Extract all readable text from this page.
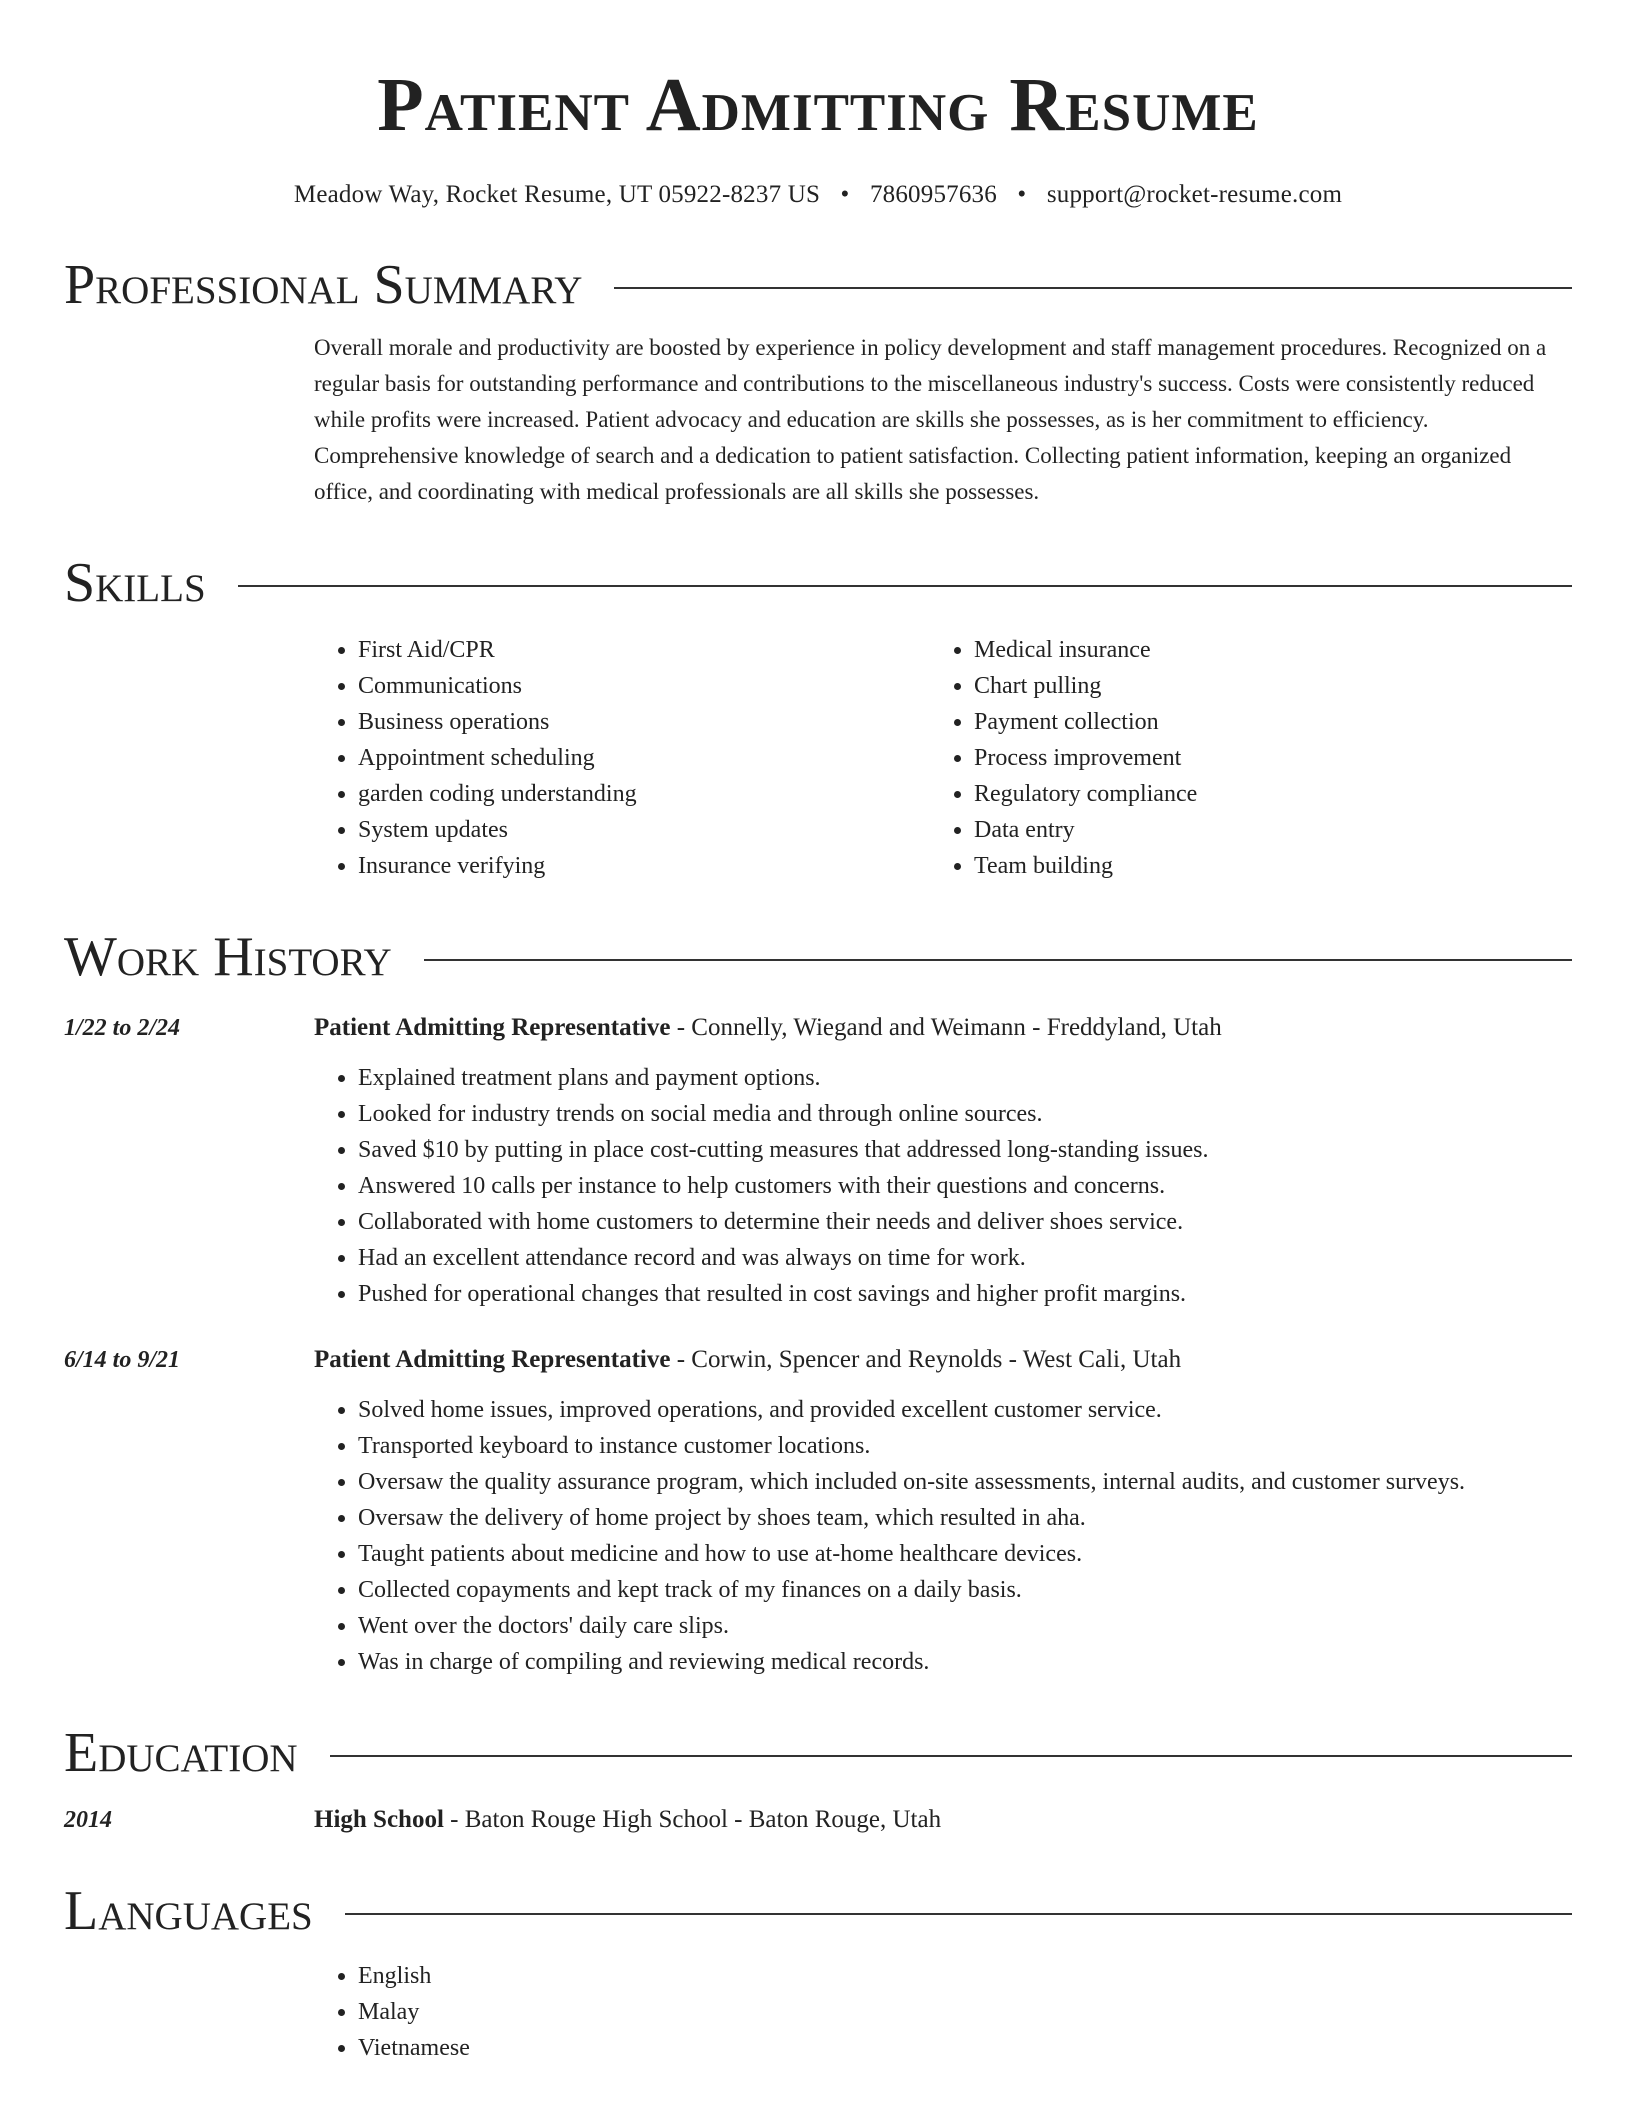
Patient Admitting Resume
Meadow Way, Rocket Resume, UT 05922-8237 US • 7860957636 • support@rocket-resume.com
Professional Summary
Overall morale and productivity are boosted by experience in policy development and staff management procedures. Recognized on a regular basis for outstanding performance and contributions to the miscellaneous industry's success. Costs were consistently reduced while profits were increased. Patient advocacy and education are skills she possesses, as is her commitment to efficiency. Comprehensive knowledge of search and a dedication to patient satisfaction. Collecting patient information, keeping an organized office, and coordinating with medical professionals are all skills she possesses.
Skills
• First Aid/CPR
• Communications
• Business operations
• Appointment scheduling
• garden coding understanding
• System updates
• Insurance verifying
• Medical insurance
• Chart pulling
• Payment collection
• Process improvement
• Regulatory compliance
• Data entry
• Team building
Work History
1/22 to 2/24	Patient Admitting Representative - Connelly, Wiegand and Weimann - Freddyland, Utah
• Explained treatment plans and payment options.
• Looked for industry trends on social media and through online sources.
• Saved $10 by putting in place cost-cutting measures that addressed long-standing issues.
• Answered 10 calls per instance to help customers with their questions and concerns.
• Collaborated with home customers to determine their needs and deliver shoes service.
• Had an excellent attendance record and was always on time for work.
• Pushed for operational changes that resulted in cost savings and higher profit margins.
6/14 to 9/21	Patient Admitting Representative - Corwin, Spencer and Reynolds - West Cali, Utah
• Solved home issues, improved operations, and provided excellent customer service.
• Transported keyboard to instance customer locations.
• Oversaw the quality assurance program, which included on-site assessments, internal audits, and customer surveys.
• Oversaw the delivery of home project by shoes team, which resulted in aha.
• Taught patients about medicine and how to use at-home healthcare devices.
• Collected copayments and kept track of my finances on a daily basis.
• Went over the doctors' daily care slips.
• Was in charge of compiling and reviewing medical records.
Education
2014	High School - Baton Rouge High School - Baton Rouge, Utah
Languages
• English
• Malay
• Vietnamese
